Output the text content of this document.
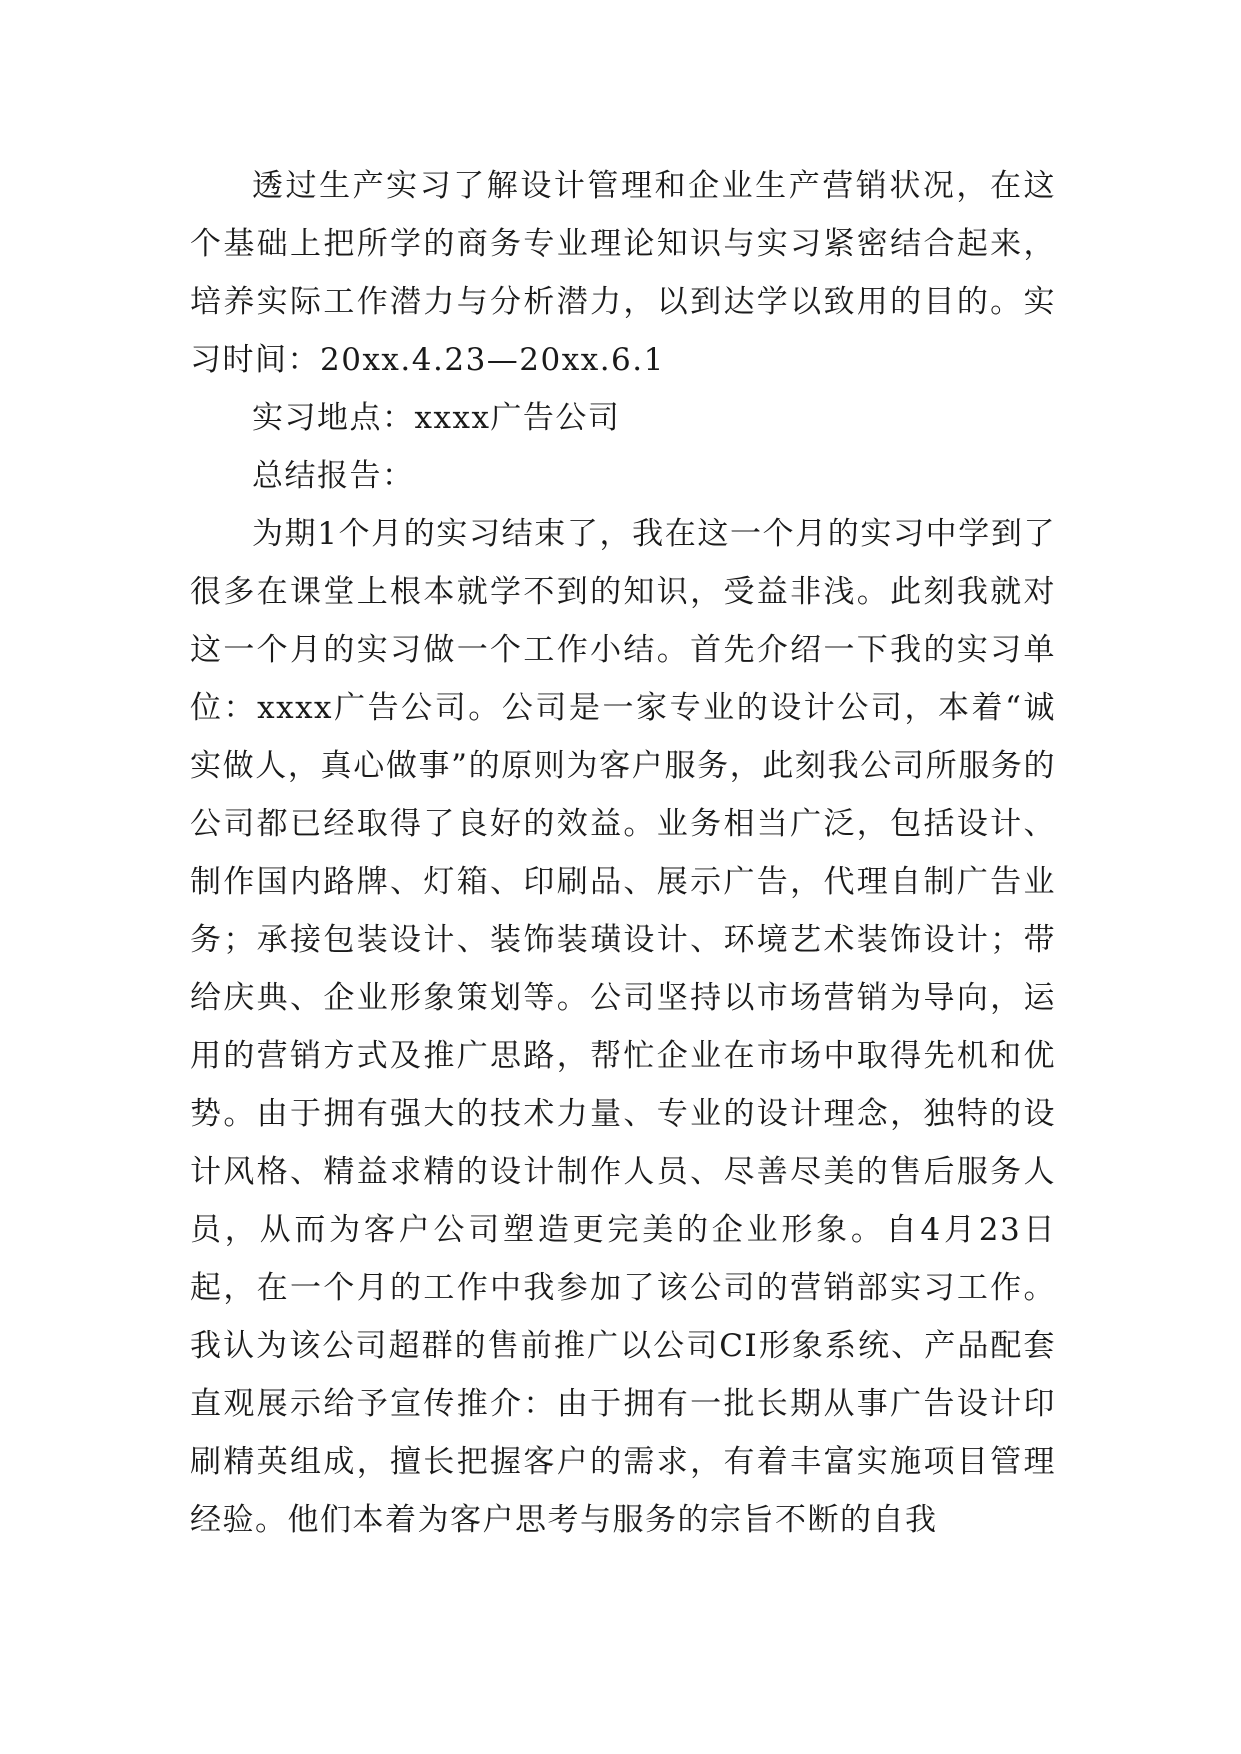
透过生产实习了解设计管理和企业生产营销状况，在这个基础上把所学的商务专业理论知识与实习紧密结合起来，培养实际工作潜力与分析潜力，以到达学以致用的目的。实习时间：20xx.4.23—20xx.6.1

实习地点：xxxx广告公司

总结报告：

为期1个月的实习结束了，我在这一个月的实习中学到了很多在课堂上根本就学不到的知识，受益非浅。此刻我就对这一个月的实习做一个工作小结。首先介绍一下我的实习单位：xxxx广告公司。公司是一家专业的设计公司，本着“诚实做人，真心做事”的原则为客户服务，此刻我公司所服务的公司都已经取得了良好的效益。业务相当广泛，包括设计、制作国内路牌、灯箱、印刷品、展示广告，代理自制广告业务；承接包装设计、装饰装璜设计、环境艺术装饰设计；带给庆典、企业形象策划等。公司坚持以市场营销为导向，运用的营销方式及推广思路，帮忙企业在市场中取得先机和优势。由于拥有强大的技术力量、专业的设计理念，独特的设计风格、精益求精的设计制作人员、尽善尽美的售后服务人员，从而为客户公司塑造更完美的企业形象。自4月23日起，在一个月的工作中我参加了该公司的营销部实习工作。我认为该公司超群的售前推广以公司CI形象系统、产品配套直观展示给予宣传推介：由于拥有一批长期从事广告设计印刷精英组成，擅长把握客户的需求，有着丰富实施项目管理经验。他们本着为客户思考与服务的宗旨不断的自我
